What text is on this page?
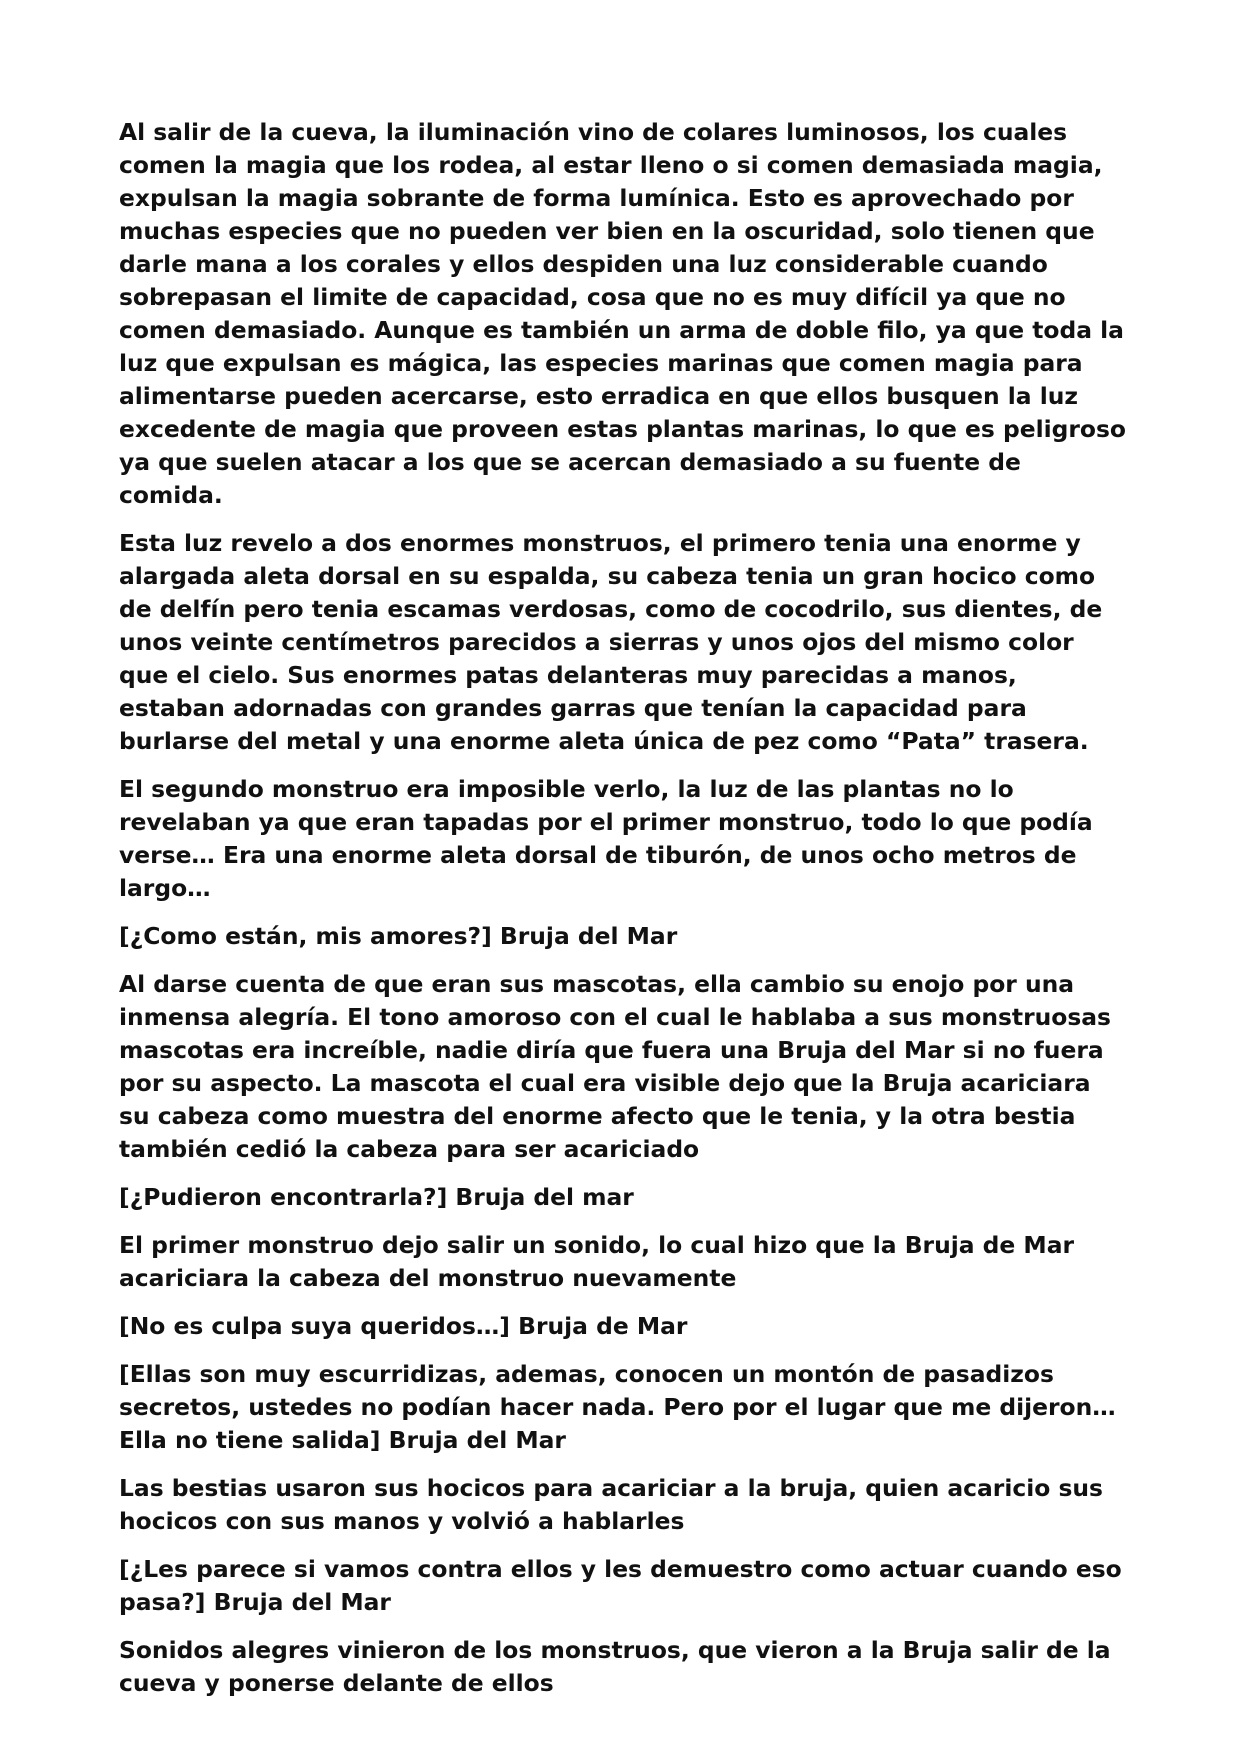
Al salir de la cueva, la iluminación vino de colares luminosos, los cuales comen la magia que los rodea, al estar lleno o si comen demasiada magia, expulsan la magia sobrante de forma lumínica. Esto es aprovechado por muchas especies que no pueden ver bien en la oscuridad, solo tienen que darle mana a los corales y ellos despiden una luz considerable cuando sobrepasan el limite de capacidad, cosa que no es muy difícil ya que no comen demasiado. Aunque es también un arma de doble filo, ya que toda la luz que expulsan es mágica, las especies marinas que comen magia para alimentarse pueden acercarse, esto erradica en que ellos busquen la luz excedente de magia que proveen estas plantas marinas, lo que es peligroso ya que suelen atacar a los que se acercan demasiado a su fuente de comida.

Esta luz revelo a dos enormes monstruos, el primero tenia una enorme y alargada aleta dorsal en su espalda, su cabeza tenia un gran hocico como de delfín pero tenia escamas verdosas, como de cocodrilo, sus dientes, de unos veinte centímetros parecidos a sierras y unos ojos del mismo color que el cielo. Sus enormes patas delanteras muy parecidas a manos, estaban adornadas con grandes garras que tenían la capacidad para burlarse del metal y una enorme aleta única de pez como “Pata” trasera.

El segundo monstruo era imposible verlo, la luz de las plantas no lo revelaban ya que eran tapadas por el primer monstruo, todo lo que podía verse… Era una enorme aleta dorsal de tiburón, de unos ocho metros de largo…

[¿Como están, mis amores?] Bruja del Mar

Al darse cuenta de que eran sus mascotas, ella cambio su enojo por una inmensa alegría. El tono amoroso con el cual le hablaba a sus monstruosas mascotas era increíble, nadie diría que fuera una Bruja del Mar si no fuera por su aspecto. La mascota el cual era visible dejo que la Bruja acariciara su cabeza como muestra del enorme afecto que le tenia, y la otra bestia también cedió la cabeza para ser acariciado

[¿Pudieron encontrarla?] Bruja del mar

El primer monstruo dejo salir un sonido, lo cual hizo que la Bruja de Mar acariciara la cabeza del monstruo nuevamente

[No es culpa suya queridos…] Bruja de Mar

[Ellas son muy escurridizas, ademas, conocen un montón de pasadizos secretos, ustedes no podían hacer nada. Pero por el lugar que me dijeron… Ella no tiene salida] Bruja del Mar

Las bestias usaron sus hocicos para acariciar a la bruja, quien acaricio sus hocicos con sus manos y volvió a hablarles

[¿Les parece si vamos contra ellos y les demuestro como actuar cuando eso pasa?] Bruja del Mar

Sonidos alegres vinieron de los monstruos, que vieron a la Bruja salir de la cueva y ponerse delante de ellos
